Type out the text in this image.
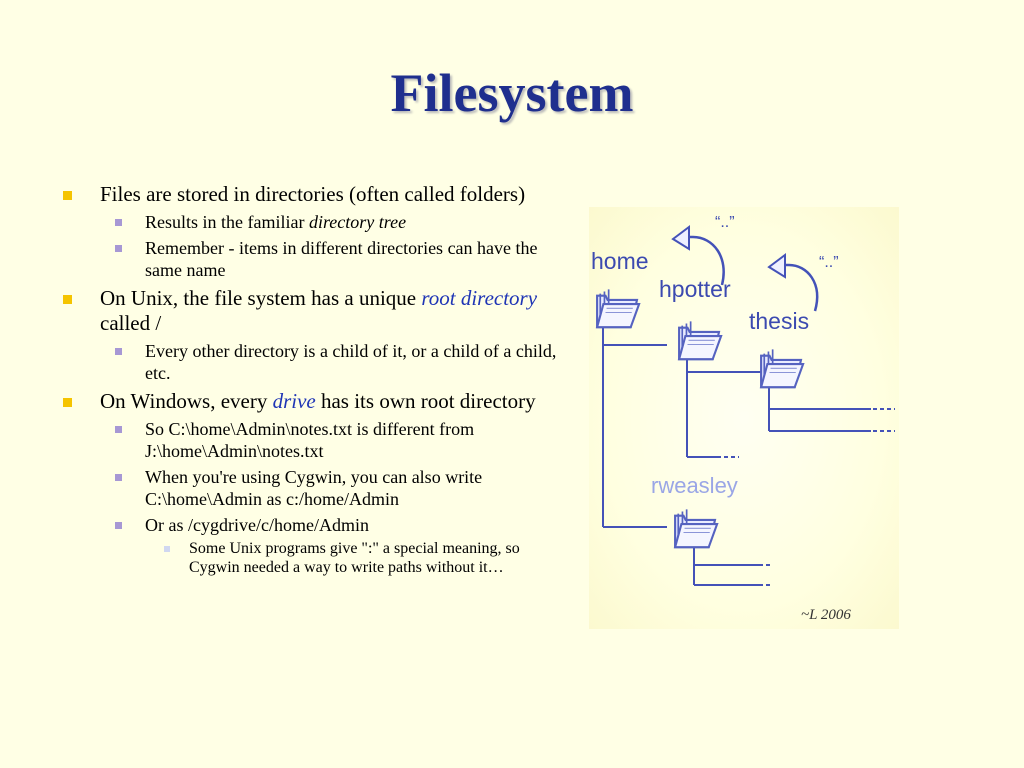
Filesystem
Files are stored in directories (often called folders)
Results in the familiar directory tree
Remember - items in different directories can have the same name
On Unix, the file system has a unique root directory called /
Every other directory is a child of it, or a child of a child, etc.
On Windows, every drive has its own root directory
So C:\home\Admin\notes.txt is different from J:\home\Admin\notes.txt
When you're using Cygwin, you can also write C:\home\Admin as c:/home/Admin
Or as /cygdrive/c/home/Admin
Some Unix programs give ":" a special meaning, so Cygwin needed a way to write paths without it…
home
hpotter
thesis
rweasley
“..”
“..”
~L 2006
